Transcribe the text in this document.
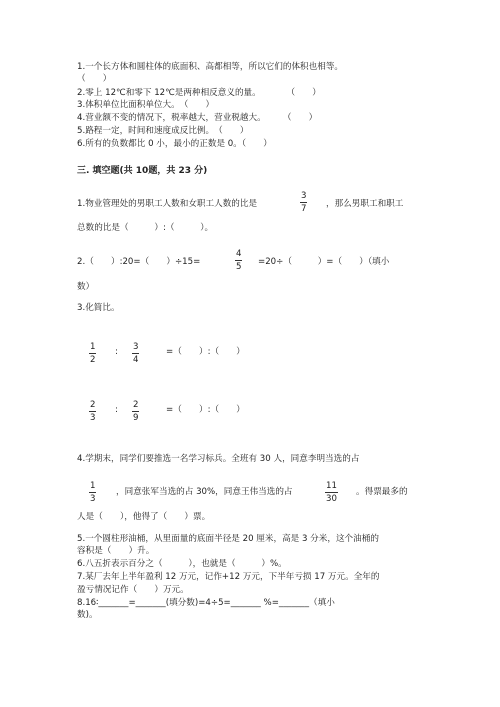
1.一个长方体和圆柱体的底面积、高都相等，所以它们的体积也相等。
（　　）
2.零上 12℃和零下 12℃是两种相反意义的量。　　　　（　　）
3.体积单位比面积单位大。　（　　）
4.营业额不变的情况下，税率越大，营业税越大。　　　（　　）
5.路程一定，时间和速度成反比例。　（　　）
6.所有的负数都比 0 小，最小的正数是 0。（　　）
三. 填空题(共 10题，共 23 分)
1.物业管理处的男职工人数和女职工人数的比是
3
7 ，那么男职工和职工
总数的比是（　　　）:（　　　）。
2.（　　）:20=（　　）÷15=
4
5 =20÷（　　　）=（　　）（填小
数）
3.化简比。
1
2
: 3
4
=（　　）:（　　）
2
3
: 2
9
=（　　）:（　　）
4.学期末，同学们要推选一名学习标兵。全班有 30 人，同意李明当选的占
1
3
，同意张军当选的占 30%，同意王伟当选的占
11
30
。得票最多的
人是（　　），他得了（　　）票。
5.一个圆柱形油桶，从里面量的底面半径是 20 厘米，高是 3 分米，这个油桶的
容积是（　　）升。
6.八五折表示百分之（　　　），也就是（　　　）%。
7.某厂去年上半年盈利 12 万元，记作+12 万元，下半年亏损 17 万元。全年的
盈亏情况记作（　　）万元。
8.16∶_______=_______(填分数)=4÷5=_______ %=_______（填小
数)。
